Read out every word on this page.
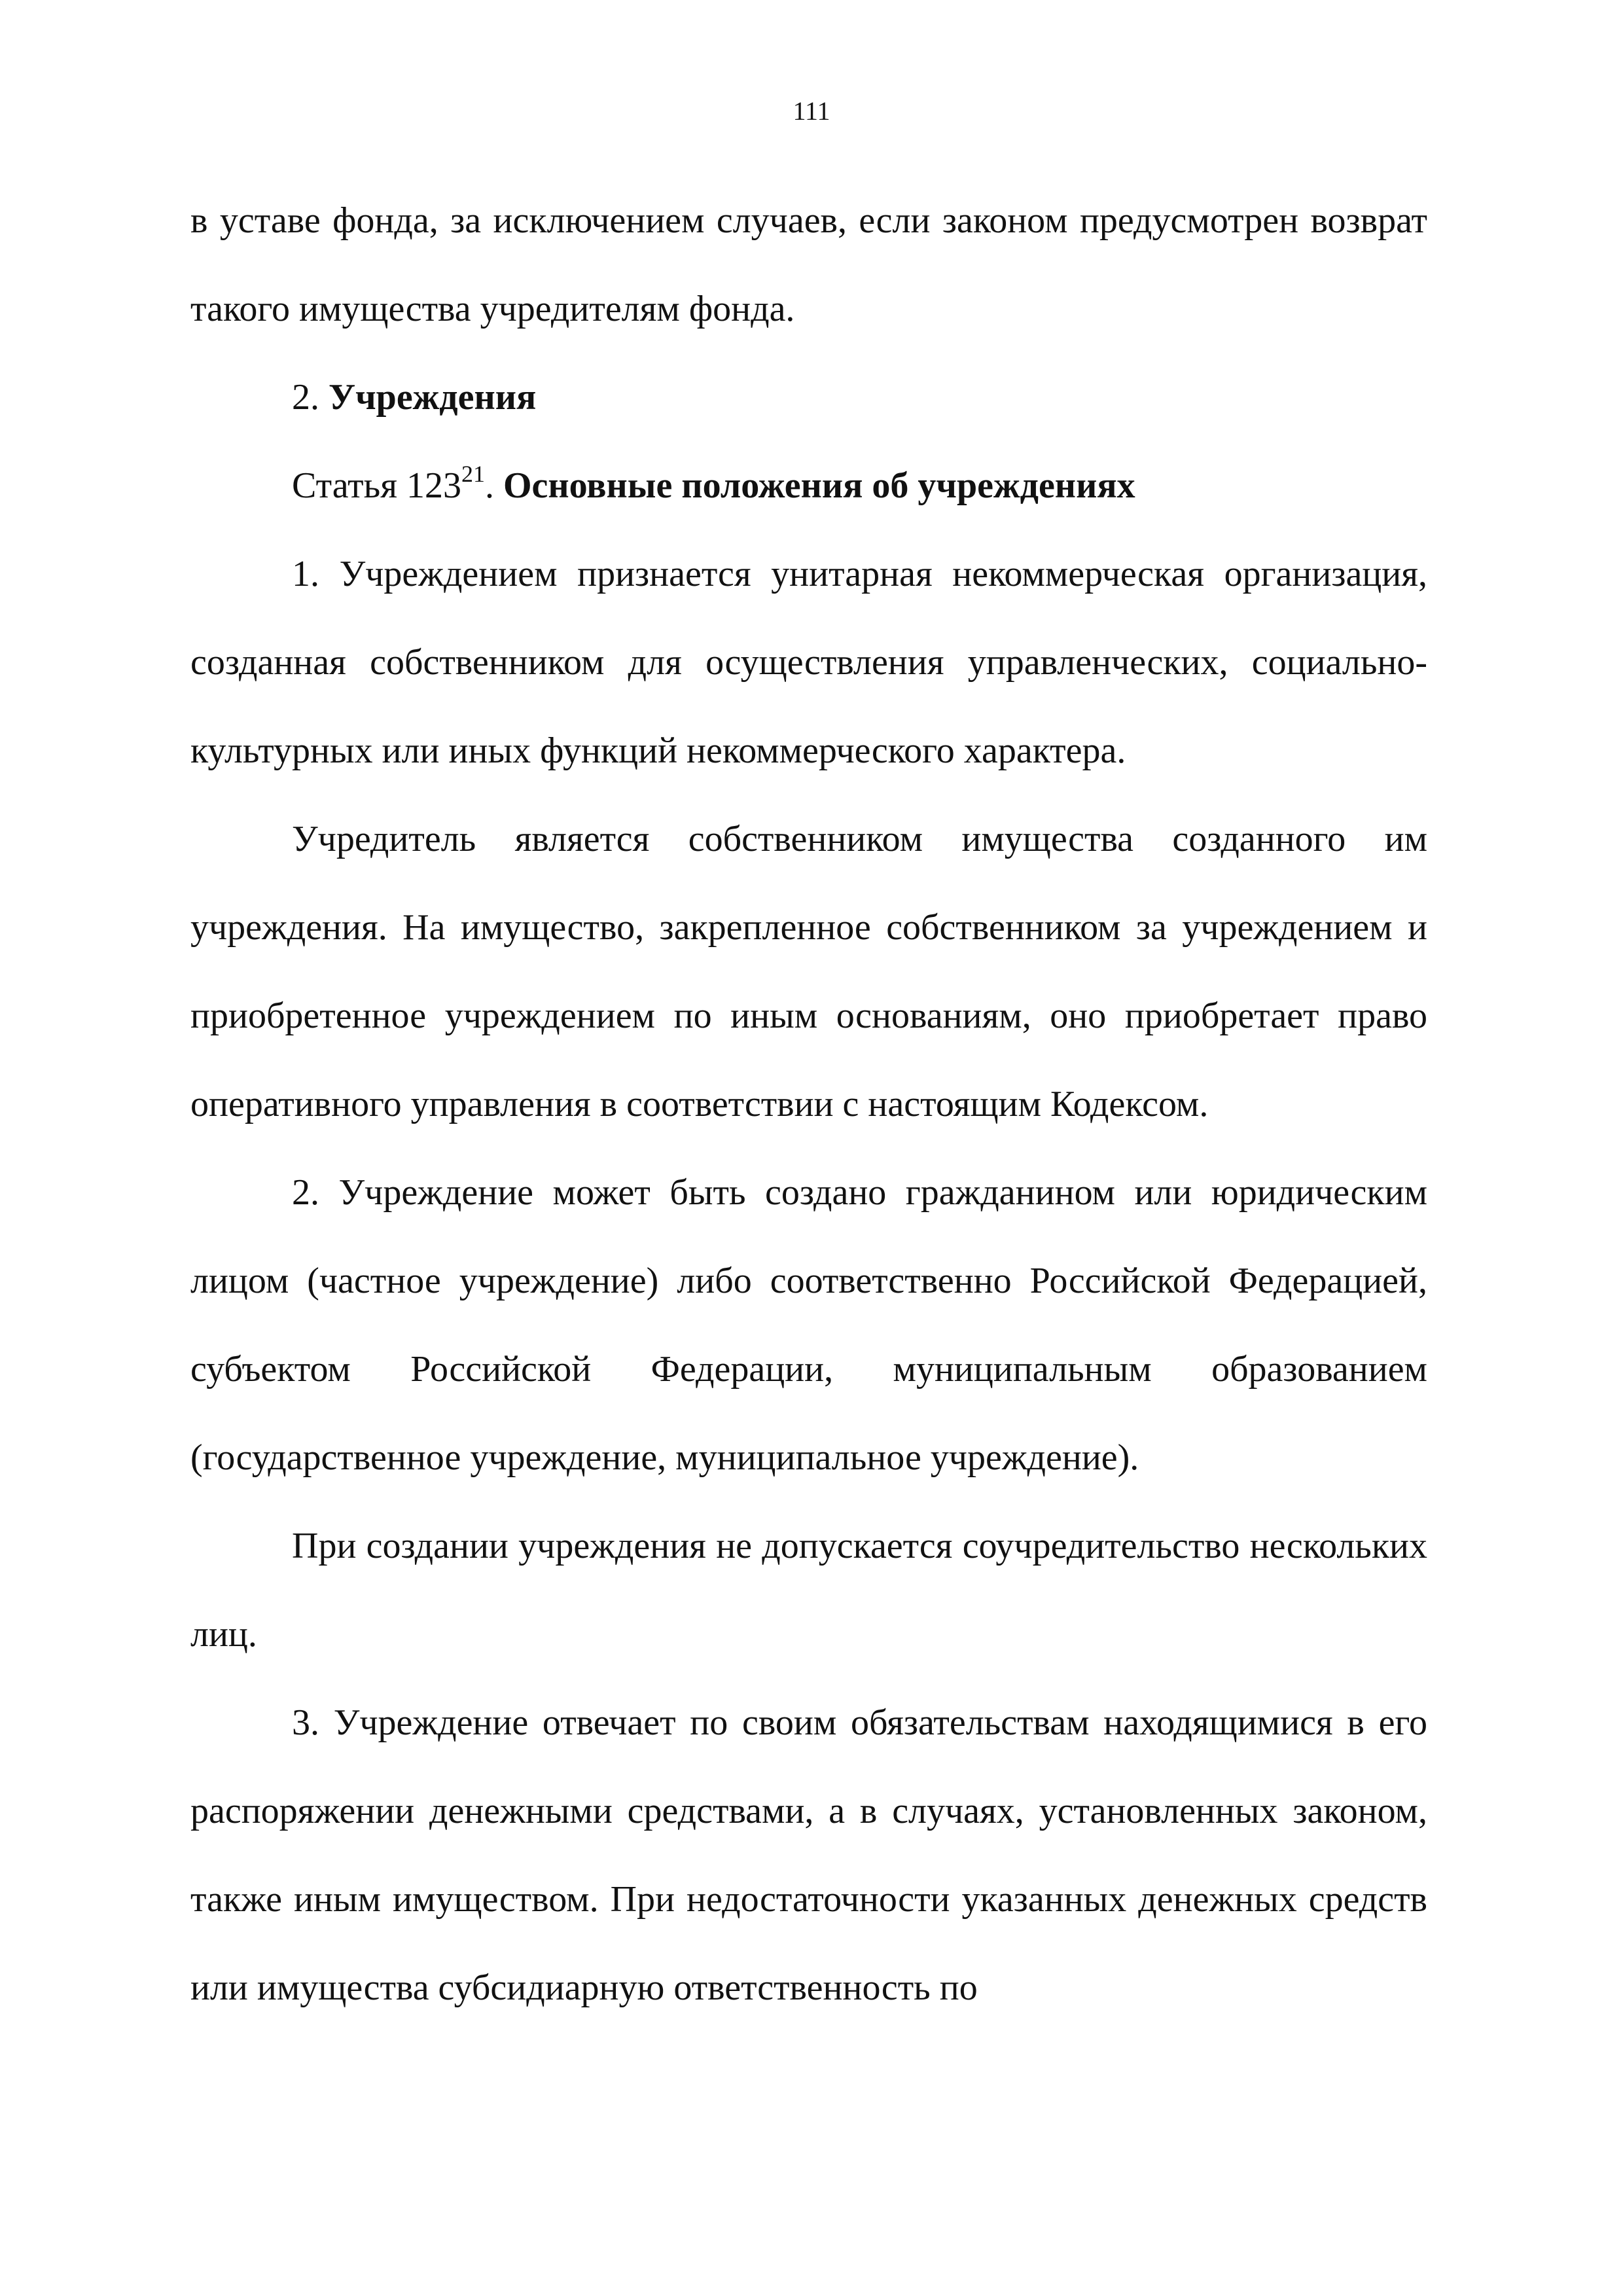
111

в уставе фонда, за исключением случаев, если законом предусмотрен возврат такого имущества учредителям фонда.

2. Учреждения

Статья $123^{21}$. Основные положения об учреждениях

1. Учреждением признается унитарная некоммерческая организация, созданная собственником для осуществления управленческих, социально-культурных или иных функций некоммерческого характера.

Учредитель является собственником имущества созданного им учреждения. На имущество, закрепленное собственником за учреждением и приобретенное учреждением по иным основаниям, оно приобретает право оперативного управления в соответствии с настоящим Кодексом.

2. Учреждение может быть создано гражданином или юридическим лицом (частное учреждение) либо соответственно Российской Федерацией, субъектом Российской Федерации, муниципальным образованием (государственное учреждение, муниципальное учреждение).

При создании учреждения не допускается соучредительство нескольких лиц.

3. Учреждение отвечает по своим обязательствам находящимися в его распоряжении денежными средствами, а в случаях, установленных законом, также иным имуществом. При недостаточности указанных денежных средств или имущества субсидиарную ответственность по
